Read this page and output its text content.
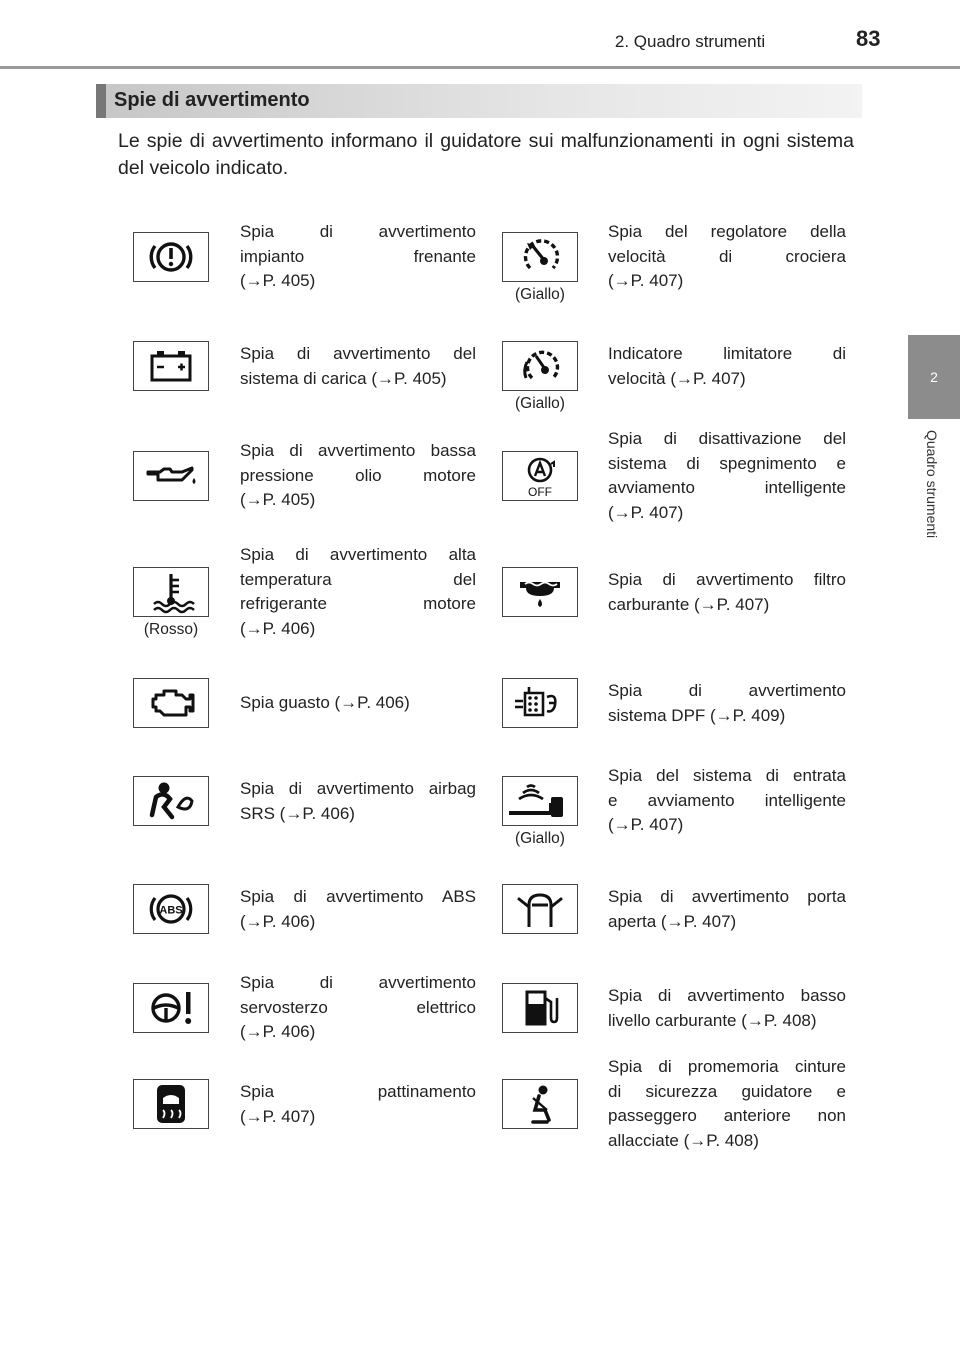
2. Quadro strumenti	83
2
Quadro strumenti
Spie di avvertimento
Le spie di avvertimento informano il guidatore sui malfunzionamenti in ogni sistema del veicolo indicato.
Spia di avvertimento
impianto frenante
(→P. 405)
(Giallo)
Spia del regolatore della
velocità di crociera
(→P. 407)
Spia di avvertimento del
sistema di carica (→P. 405)
(Giallo)
Indicatore limitatore di
velocità (→P. 407)
Spia di avvertimento bassa
pressione olio motore
(→P. 405)
Spia di disattivazione del
sistema di spegnimento e
avviamento intelligente
(→P. 407)
(Rosso)
Spia di avvertimento alta
temperatura del
refrigerante motore
(→P. 406)
Spia di avvertimento filtro
carburante (→P. 407)
Spia guasto (→P. 406)
Spia di avvertimento
sistema DPF (→P. 409)
Spia di avvertimento airbag
SRS (→P. 406)
(Giallo)
Spia del sistema di entrata
e avviamento intelligente
(→P. 407)
Spia di avvertimento ABS
(→P. 406)
Spia di avvertimento porta
aperta (→P. 407)
Spia di avvertimento
servosterzo elettrico
(→P. 406)
Spia di avvertimento basso
livello carburante (→P. 408)
Spia pattinamento
(→P. 407)
Spia di promemoria cinture
di sicurezza guidatore e
passeggero anteriore non
allacciate (→P. 408)
